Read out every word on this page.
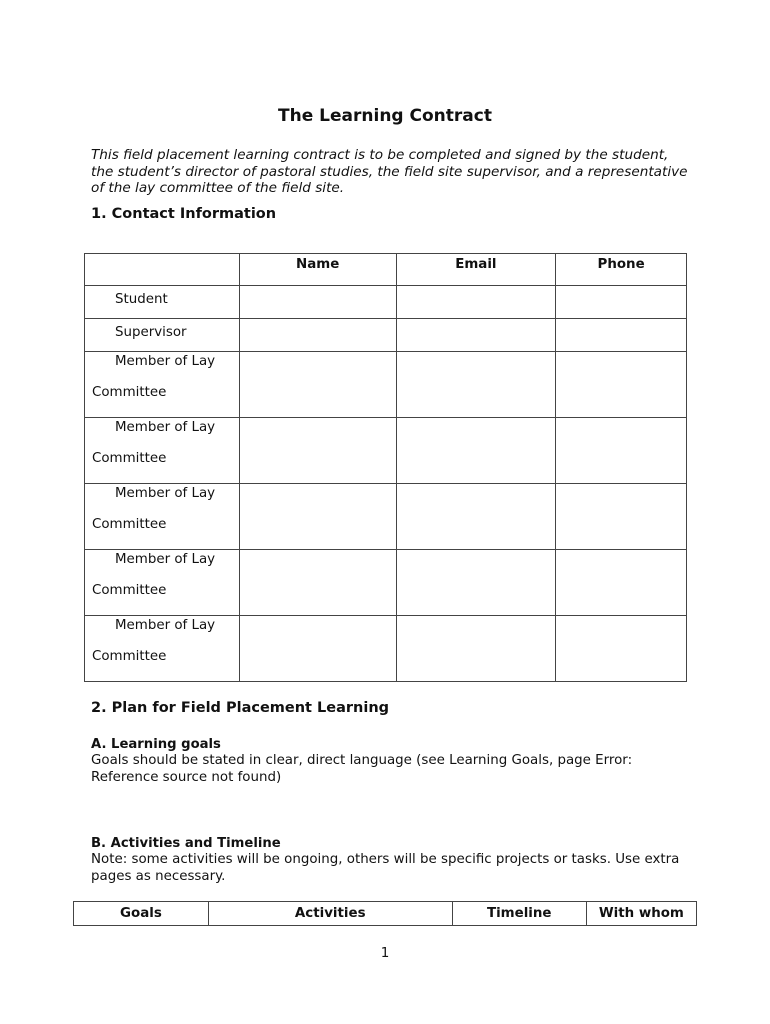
The Learning Contract

This field placement learning contract is to be completed and signed by the student, the student’s director of pastoral studies, the field site supervisor, and a representative of the lay committee of the field site.

1. Contact Information
	Name	Email	Phone

Student			

Supervisor			

Member of Lay
Committee			

Member of Lay
Committee			

Member of Lay
Committee			

Member of Lay
Committee			

Member of Lay
Committee			

2. Plan for Field Placement Learning
A. Learning goals

Goals should be stated in clear, direct language (see Learning Goals, page Error: Reference source not found)

B. Activities and Timeline

Note: some activities will be ongoing, others will be specific projects or tasks. Use extra pages as necessary.

Goals	Activities	Timeline	With whom

1
